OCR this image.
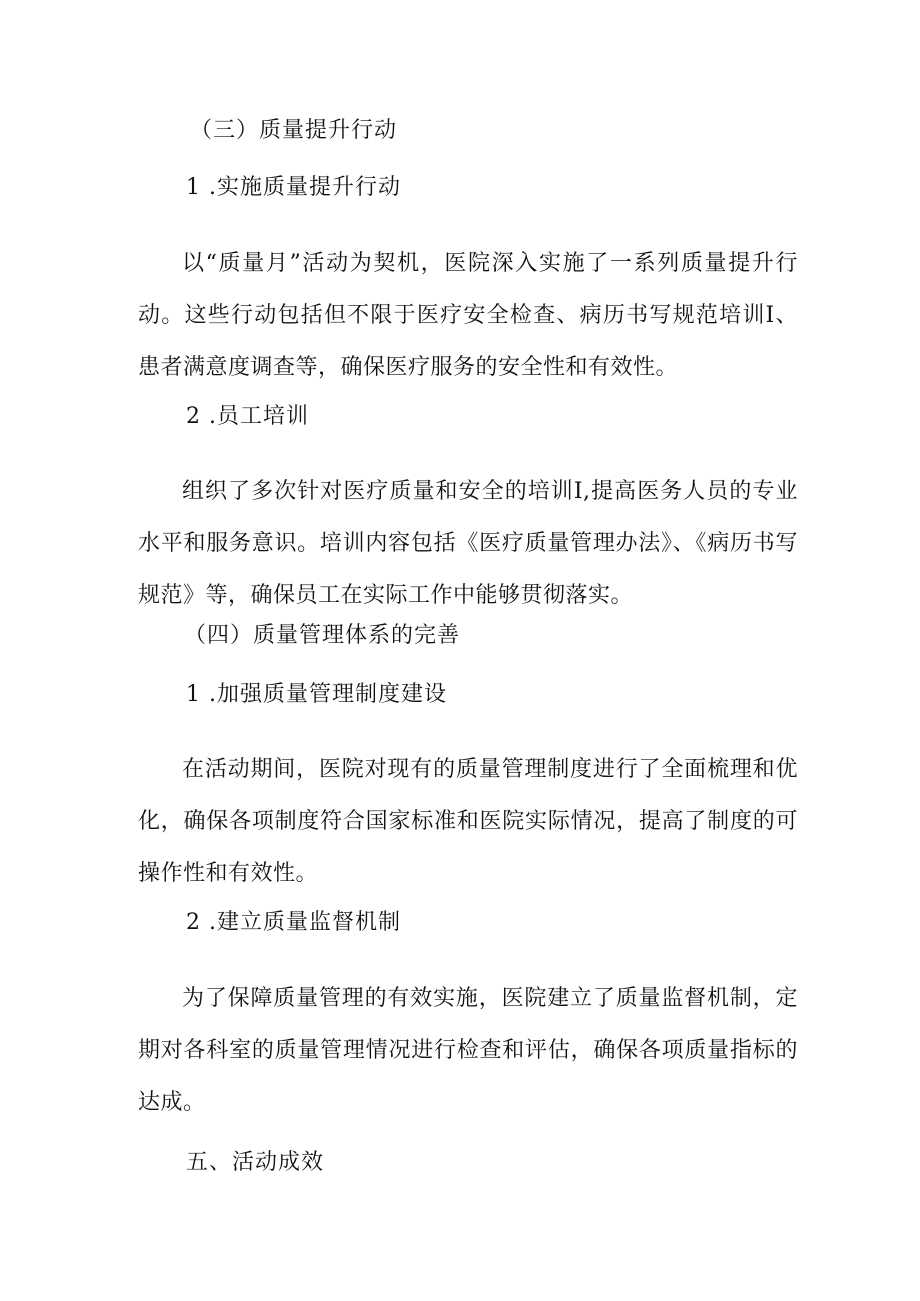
（三）质量提升行动
1 .实施质量提升行动
以“质量月”活动为契机，医院深入实施了一系列质量提升行动。这些行动包括但不限于医疗安全检查、病历书写规范培训I、患者满意度调查等，确保医疗服务的安全性和有效性。
2 .员工培训
组织了多次针对医疗质量和安全的培训I,提高医务人员的专业水平和服务意识。培训内容包括《医疗质量管理办法》、《病历书写规范》等，确保员工在实际工作中能够贯彻落实。
（四）质量管理体系的完善
1 .加强质量管理制度建设
在活动期间，医院对现有的质量管理制度进行了全面梳理和优化，确保各项制度符合国家标准和医院实际情况，提高了制度的可操作性和有效性。
2 .建立质量监督机制
为了保障质量管理的有效实施，医院建立了质量监督机制，定期对各科室的质量管理情况进行检查和评估，确保各项质量指标的达成。
五、活动成效
